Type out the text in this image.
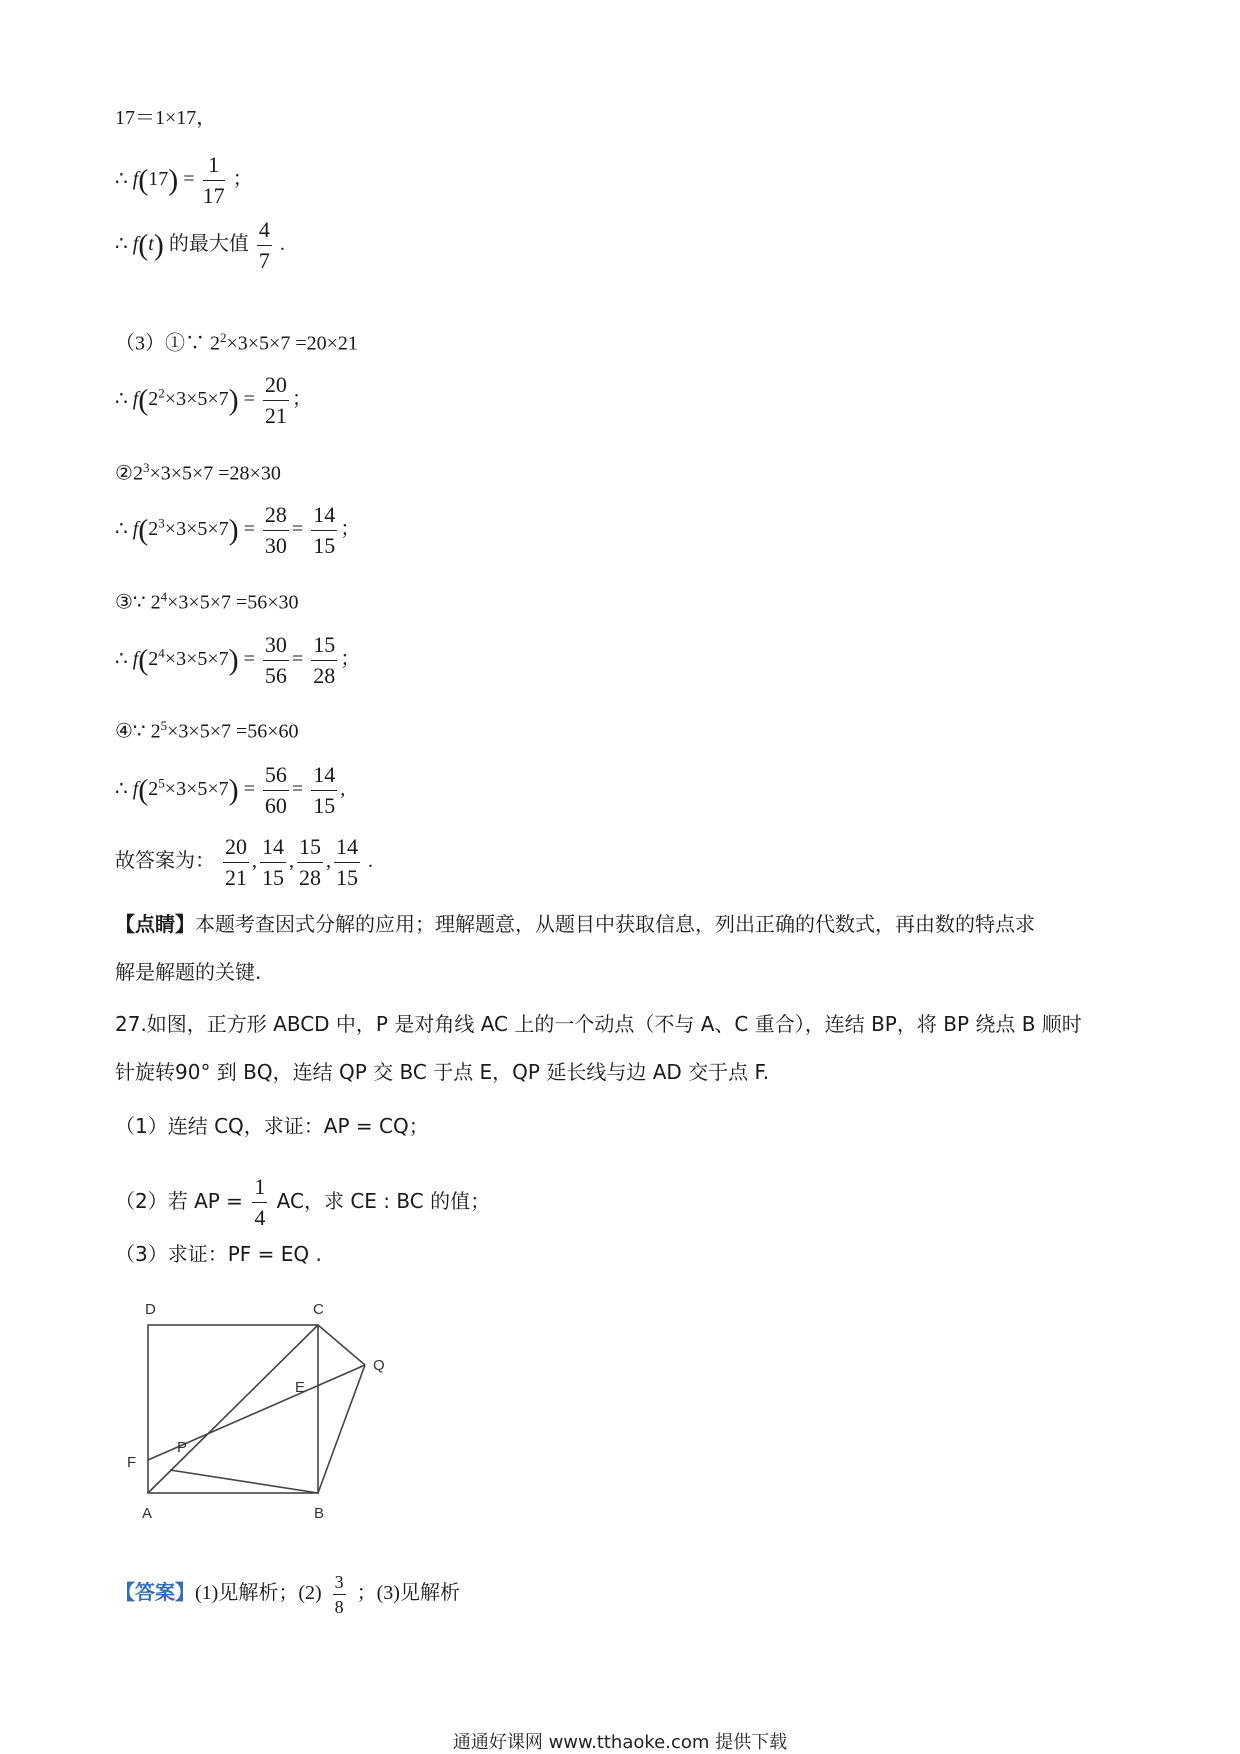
17＝1×17，
∴ $f(17) = \frac{1}{17}$ ；
∴ f(t) 的最大值 $\frac{4}{7}$ .
（3）①∵ $2^2\times 3\times 5\times 7 =20\times 21$
∴ $f(2^2\times 3\times 5\times 7) = \frac{20}{21}$ ；
$②2^3\times 3\times 5\times 7 =28\times 30$
∴ $f(2^3\times 3\times 5\times 7) = \frac{28}{30} = \frac{14}{15}$ ；
③∵ $2^4\times 3\times 5\times 7 =56\times 30$
∴ $f(2^4\times 3\times 5\times 7) = \frac{30}{56} = \frac{15}{28}$ ；
④∵ $2^5\times 3\times 5\times 7 =56\times 60$
∴ $f(2^5\times 3\times 5\times 7) = \frac{56}{60} = \frac{14}{15}$ ,
故答案为： $\frac{20}{21}$ , $\frac{14}{15}$ , $\frac{15}{28}$ , $\frac{14}{15}$ .
【点睛】本题考查因式分解的应用；理解题意，从题目中获取信息，列出正确的代数式，再由数的特点求
解是解题的关键.
27.如图，正方形 ABCD 中，P 是对角线 AC 上的一个动点（不与 A、C 重合），连结 BP，将 BP 绕点 B 顺时
针旋转90° 到 BQ，连结 QP 交 BC 于点 E，QP 延长线与边 AD 交于点 F.
（1）连结 CQ，求证：AP = CQ；
（2）若 AP = $\frac{1}{4}$ AC，求 CE : BC 的值；
（3）求证：PF = EQ .
D	C
Q
E
P
F
A	B
【答案】(1)见解析；$(2) \frac{3}{8}$ ；(3)见解析
通通好课网 www.tthaoke.com 提供下载
